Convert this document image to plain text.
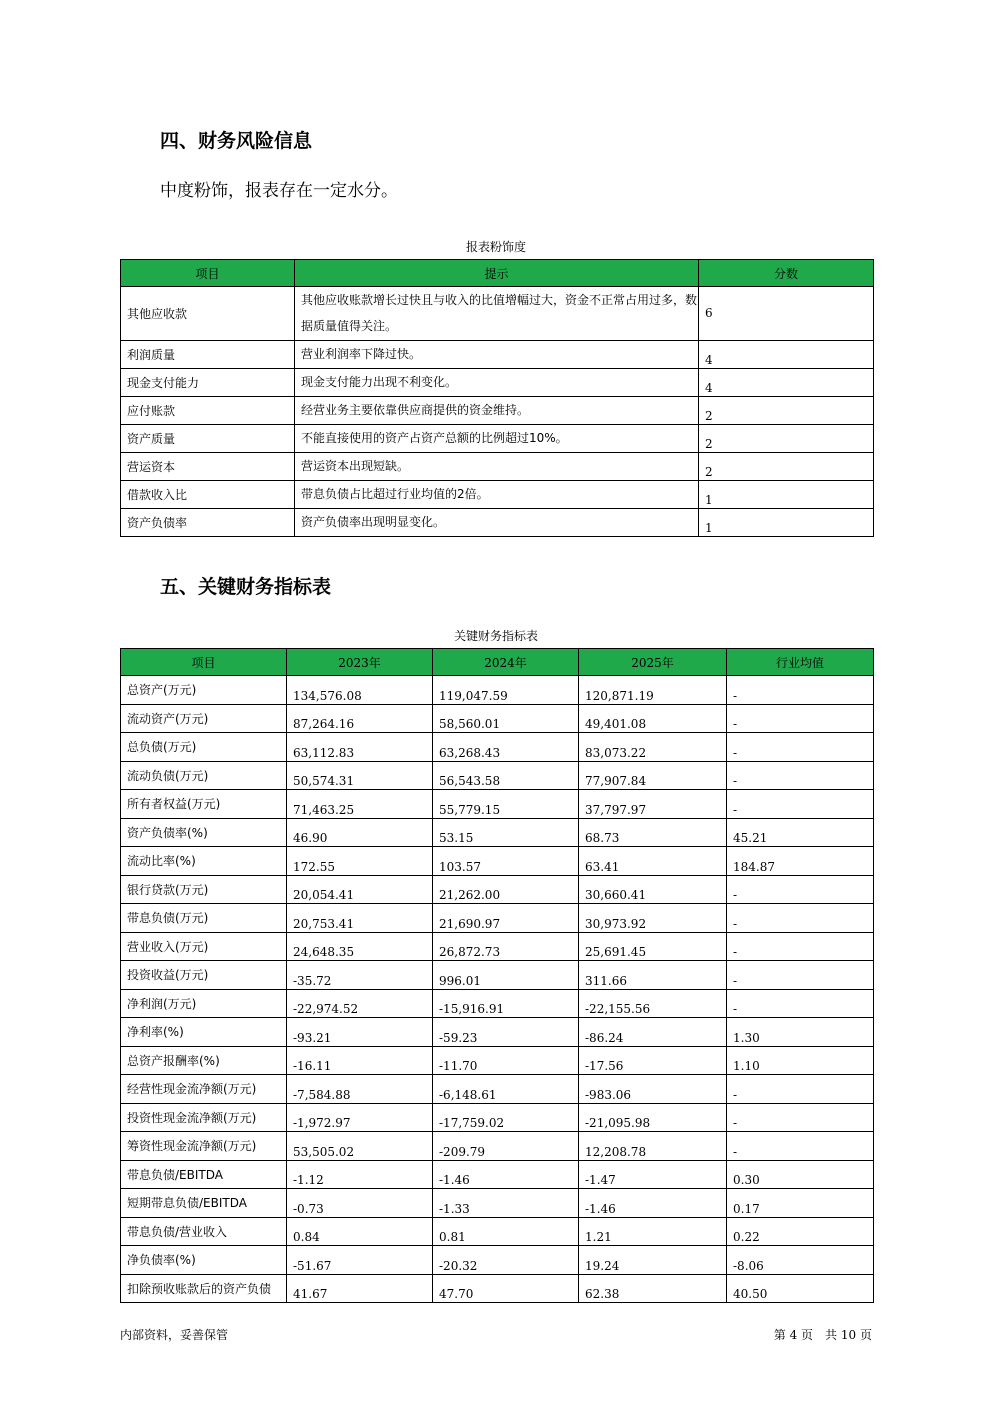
四、财务风险信息

中度粉饰，报表存在一定水分。

报表粉饰度
项目	提示	分数
其他应收款	其他应收账款增长过快且与收入的比值增幅过大，资金不正常占用过多，数据质量值得关注。	6
利润质量	营业利润率下降过快。	4
现金支付能力	现金支付能力出现不利变化。	4
应付账款	经营业务主要依靠供应商提供的资金维持。	2
资产质量	不能直接使用的资产占资产总额的比例超过10%。	2
营运资本	营运资本出现短缺。	2
借款收入比	带息负债占比超过行业均值的2倍。	1
资产负债率	资产负债率出现明显变化。	1
五、关键财务指标表
关键财务指标表
项目	2023年	2024年	2025年	行业均值
总资产(万元)	134,576.08	119,047.59	120,871.19	-
流动资产(万元)	87,264.16	58,560.01	49,401.08	-
总负债(万元)	63,112.83	63,268.43	83,073.22	-
流动负债(万元)	50,574.31	56,543.58	77,907.84	-
所有者权益(万元)	71,463.25	55,779.15	37,797.97	-
资产负债率(%)	46.90	53.15	68.73	45.21
流动比率(%)	172.55	103.57	63.41	184.87
银行贷款(万元)	20,054.41	21,262.00	30,660.41	-
带息负债(万元)	20,753.41	21,690.97	30,973.92	-
营业收入(万元)	24,648.35	26,872.73	25,691.45	-
投资收益(万元)	-35.72	996.01	311.66	-
净利润(万元)	-22,974.52	-15,916.91	-22,155.56	-
净利率(%)	-93.21	-59.23	-86.24	1.30
总资产报酬率(%)	-16.11	-11.70	-17.56	1.10
经营性现金流净额(万元)	-7,584.88	-6,148.61	-983.06	-
投资性现金流净额(万元)	-1,972.97	-17,759.02	-21,095.98	-
筹资性现金流净额(万元)	53,505.02	-209.79	12,208.78	-
带息负债/EBITDA	-1.12	-1.46	-1.47	0.30
短期带息负债/EBITDA	-0.73	-1.33	-1.46	0.17
带息负债/营业收入	0.84	0.81	1.21	0.22
净负债率(%)	-51.67	-20.32	19.24	-8.06
扣除预收账款后的资产负债	41.67	47.70	62.38	40.50
内部资料，妥善保管	第 4 页　共 10 页
